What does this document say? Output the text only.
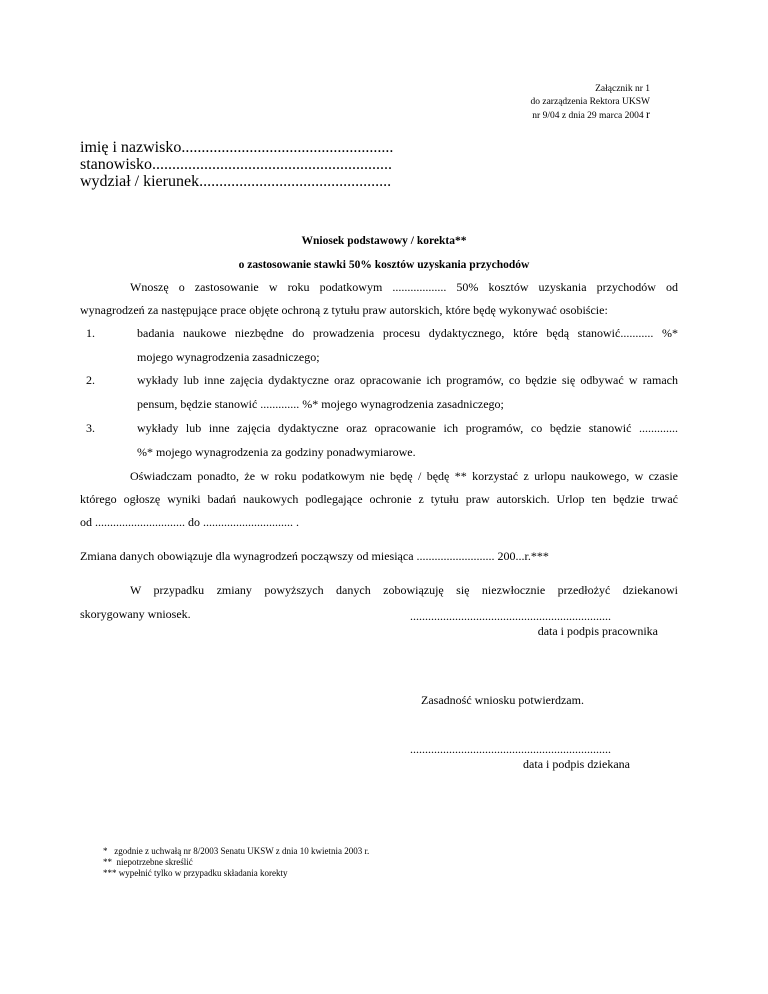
Załącznik nr 1
do zarządzenia Rektora UKSW
nr 9/04 z dnia 29 marca 2004 r
imię i nazwisko.....................................................
stanowisko............................................................
wydział / kierunek................................................
Wniosek podstawowy / korekta**
o zastosowanie stawki 50% kosztów uzyskania przychodów
Wnoszę o zastosowanie w roku podatkowym .................. 50% kosztów uzyskania przychodów od
wynagrodzeń za następujące prace objęte ochroną z tytułu praw autorskich, które będę wykonywać osobiście:
1.	badania naukowe niezbędne do prowadzenia procesu dydaktycznego, które będą stanowić........... %*
mojego wynagrodzenia zasadniczego;
2.	wykłady lub inne zajęcia dydaktyczne oraz opracowanie ich programów, co będzie się odbywać w ramach
pensum, będzie stanowić ............. %* mojego wynagrodzenia zasadniczego;
3.	wykłady lub inne zajęcia dydaktyczne oraz opracowanie ich programów, co będzie stanowić .............
%* mojego wynagrodzenia za godziny ponadwymiarowe.
Oświadczam ponadto, że w roku podatkowym nie będę / będę ** korzystać z urlopu naukowego, w czasie
którego ogłoszę wyniki badań naukowych podlegające ochronie z tytułu praw autorskich. Urlop ten będzie trwać
od .............................. do .............................. .
Zmiana danych obowiązuje dla wynagrodzeń począwszy od miesiąca .......................... 200...r.***
W przypadku zmiany powyższych danych zobowiązuję się niezwłocznie przedłożyć dziekanowi
skorygowany wniosek.	...................................................................
data i podpis pracownika
Zasadność wniosku potwierdzam.
...................................................................
data i podpis dziekana
*   zgodnie z uchwałą nr 8/2003 Senatu UKSW z dnia 10 kwietnia 2003 r.
**  niepotrzebne skreślić
*** wypełnić tylko w przypadku składania korekty
